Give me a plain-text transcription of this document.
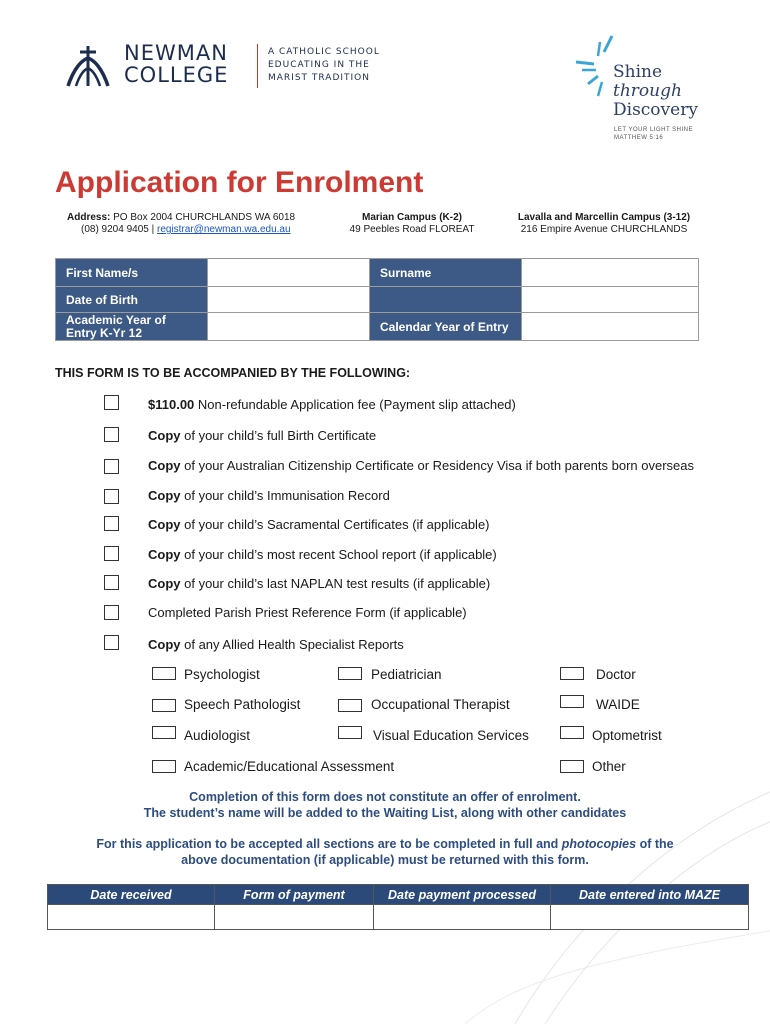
NEWMAN
COLLEGE
A CATHOLIC SCHOOL
EDUCATING IN THE
MARIST TRADITION	Shine
through
Discovery
LET YOUR LIGHT SHINE
MATTHEW 5:16
Application for Enrolment
Address: PO Box 2004 CHURCHLANDS WA 6018
(08) 9204 9405 | registrar@newman.wa.edu.au
Marian Campus (K-2)
49 Peebles Road FLOREAT
Lavalla and Marcellin Campus (3-12)
216 Empire Avenue CHURCHLANDS
First Name/s		Surname	
Date of Birth			
Academic Year of Entry K-Yr 12		Calendar Year of Entry	
THIS FORM IS TO BE ACCOMPANIED BY THE FOLLOWING:
$110.00 Non-refundable Application fee (Payment slip attached)
Copy of your child’s full Birth Certificate
Copy of your Australian Citizenship Certificate or Residency Visa if both parents born overseas
Copy of your child’s Immunisation Record
Copy of your child’s Sacramental Certificates (if applicable)
Copy of your child’s most recent School report (if applicable)
Copy of your child’s last NAPLAN test results (if applicable)
Completed Parish Priest Reference Form (if applicable)
Copy of any Allied Health Specialist Reports
Psychologist	Pediatrician	Doctor
Speech Pathologist	Occupational Therapist	WAIDE
Audiologist	Visual Education Services	Optometrist
Academic/Educational Assessment	Other
Completion of this form does not constitute an offer of enrolment.
The student’s name will be added to the Waiting List, along with other candidates
For this application to be accepted all sections are to be completed in full and photocopies of the
above documentation (if applicable) must be returned with this form.
Date received	Form of payment	Date payment processed	Date entered into MAZE
